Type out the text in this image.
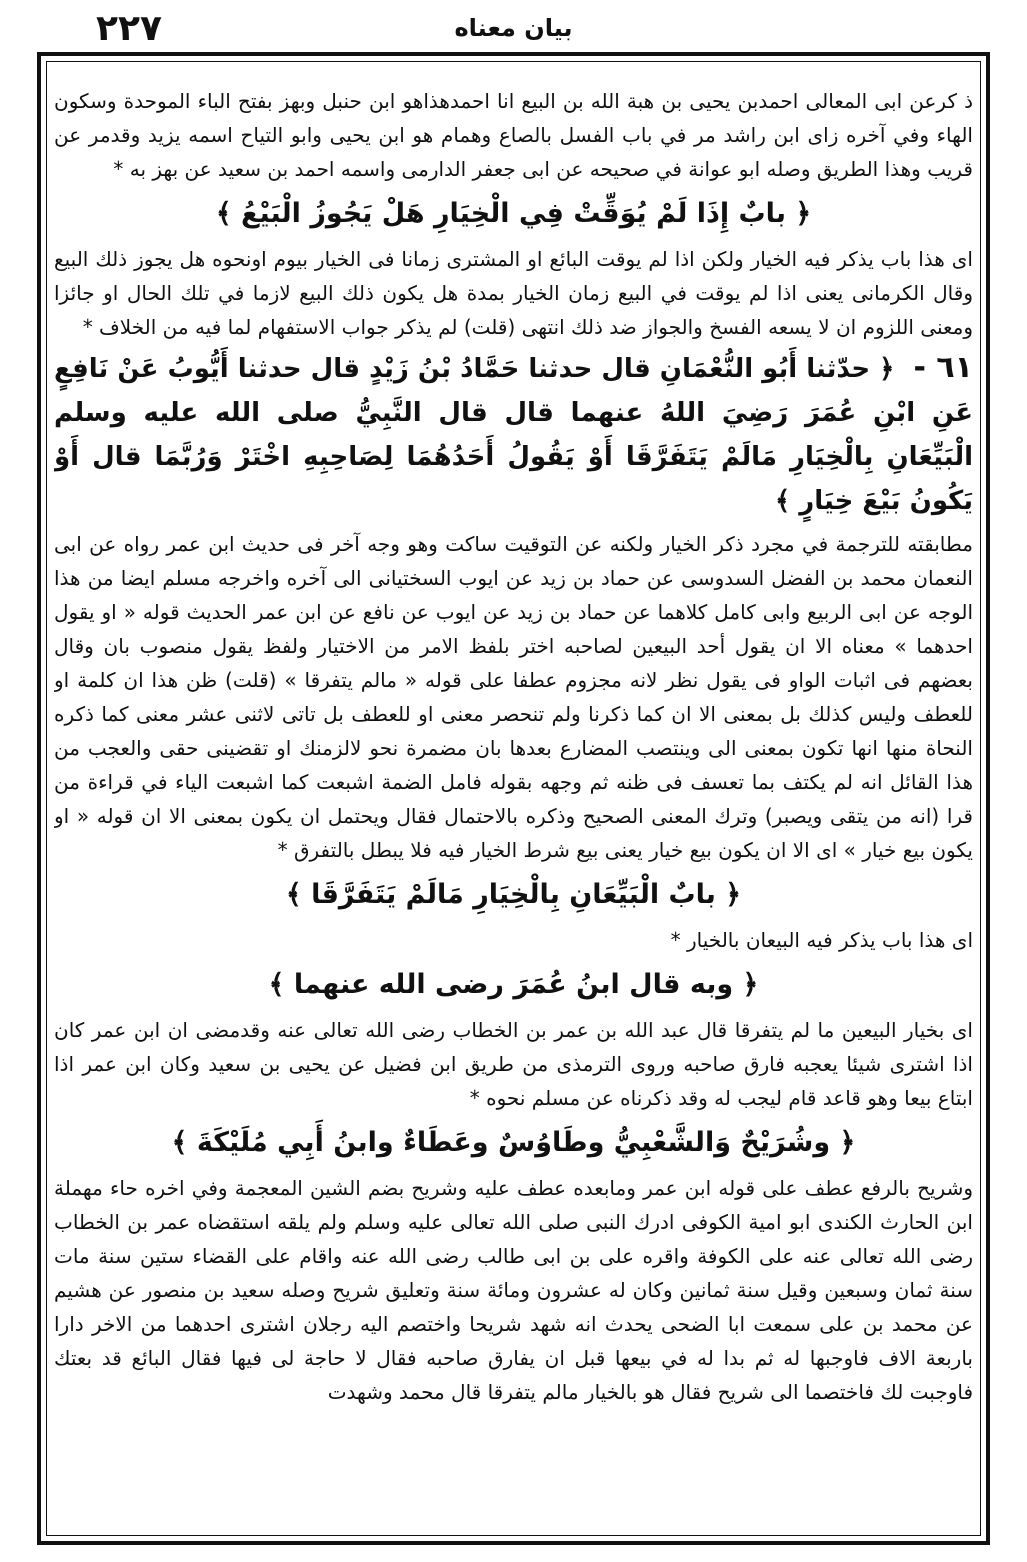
٢٢٧	بيان معناه

ذ كرعن ابى المعالى احمدبن يحيى بن هبة الله بن البيع انا احمدهذاهو ابن حنبل وبهز بفتح الباء الموحدة وسكون الهاء وفي آخره زاى ابن راشد مر في باب الفسل بالصاع وهمام هو ابن يحيى وابو التياح اسمه يزيد وقدمر عن قريب وهذا الطريق وصله ابو عوانة في صحيحه عن ابى جعفر الدارمى واسمه احمد بن سعيد عن بهز به *

﴿ بابٌ إِذَا لَمْ يُوَقِّتْ فِي الْخِيَارِ هَلْ يَجُوزُ الْبَيْعُ ﴾

اى هذا باب يذكر فيه الخيار ولكن اذا لم يوقت البائع او المشترى زمانا فى الخيار بيوم اونحوه هل يجوز ذلك البيع وقال الكرمانى يعنى اذا لم يوقت في البيع زمان الخيار بمدة هل يكون ذلك البيع لازما في تلك الحال او جائزا ومعنى اللزوم ان لا يسعه الفسخ والجواز ضد ذلك انتهى (قلت) لم يذكر جواب الاستفهام لما فيه من الخلاف *

٦١ - ﴿ حدّثنا أَبُو النُّعْمَانِ قال حدثنا حَمَّادُ بْنُ زَيْدٍ قال حدثنا أَيُّوبُ عَنْ نَافِعٍ عَنِ ابْنِ عُمَرَ رَضِيَ اللهُ عنهما قال قال النَّبِيُّ صلى الله عليه وسلم الْبَيِّعَانِ بِالْخِيَارِ مَالَمْ يَتَفَرَّقَا أَوْ يَقُولُ أَحَدُهُمَا لِصَاحِبِهِ اخْتَرْ وَرُبَّمَا قال أَوْ يَكُونُ بَيْعَ خِيَارٍ ﴾

مطابقته للترجمة في مجرد ذكر الخيار ولكنه عن التوقيت ساكت وهو وجه آخر فى حديث ابن عمر رواه عن ابى النعمان محمد بن الفضل السدوسى عن حماد بن زيد عن ايوب السختيانى الى آخره واخرجه مسلم ايضا من هذا الوجه عن ابى الربيع وابى كامل كلاهما عن حماد بن زيد عن ايوب عن نافع عن ابن عمر الحديث قوله « او يقول احدهما » معناه الا ان يقول أحد البيعين لصاحبه اختر بلفظ الامر من الاختيار ولفظ يقول منصوب بان وقال بعضهم فى اثبات الواو فى يقول نظر لانه مجزوم عطفا على قوله « مالم يتفرقا » (قلت) ظن هذا ان كلمة او للعطف وليس كذلك بل بمعنى الا ان كما ذكرنا ولم تنحصر معنى او للعطف بل تاتى لاثنى عشر معنى كما ذكره النحاة منها انها تكون بمعنى الى وينتصب المضارع بعدها بان مضمرة نحو لالزمنك او تقضينى حقى والعجب من هذا القائل انه لم يكتف بما تعسف فى ظنه ثم وجهه بقوله فامل الضمة اشبعت كما اشبعت الياء في قراءة من قرا (انه من يتقى ويصبر) وترك المعنى الصحيح وذكره بالاحتمال فقال ويحتمل ان يكون بمعنى الا ان قوله « او يكون بيع خيار » اى الا ان يكون بيع خيار يعنى بيع شرط الخيار فيه فلا يبطل بالتفرق *

﴿ بابٌ الْبَيِّعَانِ بِالْخِيَارِ مَالَمْ يَتَفَرَّقَا ﴾

اى هذا باب يذكر فيه البيعان بالخيار *

﴿ وبه قال ابنُ عُمَرَ رضى الله عنهما ﴾

اى بخيار البيعين ما لم يتفرقا قال عبد الله بن عمر بن الخطاب رضى الله تعالى عنه وقدمضى ان ابن عمر كان اذا اشترى شيئا يعجبه فارق صاحبه وروى الترمذى من طريق ابن فضيل عن يحيى بن سعيد وكان ابن عمر اذا ابتاع بيعا وهو قاعد قام ليجب له وقد ذكرناه عن مسلم نحوه *

﴿ وشُرَيْحٌ وَالشَّعْبِيُّ وطَاوُسٌ وعَطَاءٌ وابنُ أَبِي مُلَيْكَةَ ﴾

وشريح بالرفع عطف على قوله ابن عمر ومابعده عطف عليه وشريح بضم الشين المعجمة وفي اخره حاء مهملة ابن الحارث الكندى ابو امية الكوفى ادرك النبى صلى الله تعالى عليه وسلم ولم يلقه استقضاه عمر بن الخطاب رضى الله تعالى عنه على الكوفة واقره على بن ابى طالب رضى الله عنه واقام على القضاء ستين سنة مات سنة ثمان وسبعين وقيل سنة ثمانين وكان له عشرون ومائة سنة وتعليق شريح وصله سعيد بن منصور عن هشيم عن محمد بن على سمعت ابا الضحى يحدث انه شهد شريحا واختصم اليه رجلان اشترى احدهما من الاخر دارا باربعة الاف فاوجبها له ثم بدا له في بيعها قبل ان يفارق صاحبه فقال لا حاجة لى فيها فقال البائع قد بعتك فاوجبت لك فاختصما الى شريح فقال هو بالخيار مالم يتفرقا قال محمد وشهدت
